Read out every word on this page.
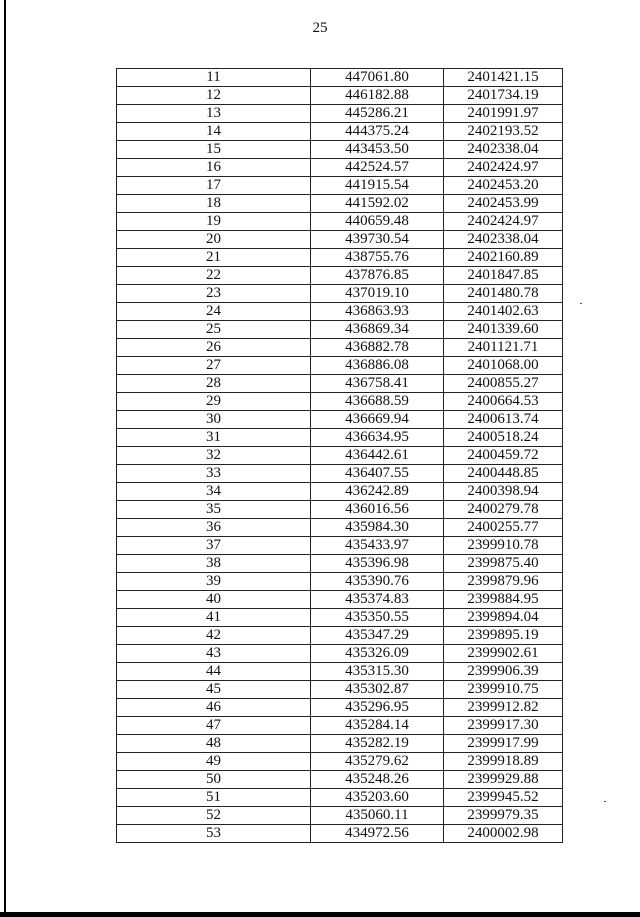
25
11	447061.80	2401421.15
12	446182.88	2401734.19
13	445286.21	2401991.97
14	444375.24	2402193.52
15	443453.50	2402338.04
16	442524.57	2402424.97
17	441915.54	2402453.20
18	441592.02	2402453.99
19	440659.48	2402424.97
20	439730.54	2402338.04
21	438755.76	2402160.89
22	437876.85	2401847.85
23	437019.10	2401480.78
24	436863.93	2401402.63
25	436869.34	2401339.60
26	436882.78	2401121.71
27	436886.08	2401068.00
28	436758.41	2400855.27
29	436688.59	2400664.53
30	436669.94	2400613.74
31	436634.95	2400518.24
32	436442.61	2400459.72
33	436407.55	2400448.85
34	436242.89	2400398.94
35	436016.56	2400279.78
36	435984.30	2400255.77
37	435433.97	2399910.78
38	435396.98	2399875.40
39	435390.76	2399879.96
40	435374.83	2399884.95
41	435350.55	2399894.04
42	435347.29	2399895.19
43	435326.09	2399902.61
44	435315.30	2399906.39
45	435302.87	2399910.75
46	435296.95	2399912.82
47	435284.14	2399917.30
48	435282.19	2399917.99
49	435279.62	2399918.89
50	435248.26	2399929.88
51	435203.60	2399945.52
52	435060.11	2399979.35
53	434972.56	2400002.98
